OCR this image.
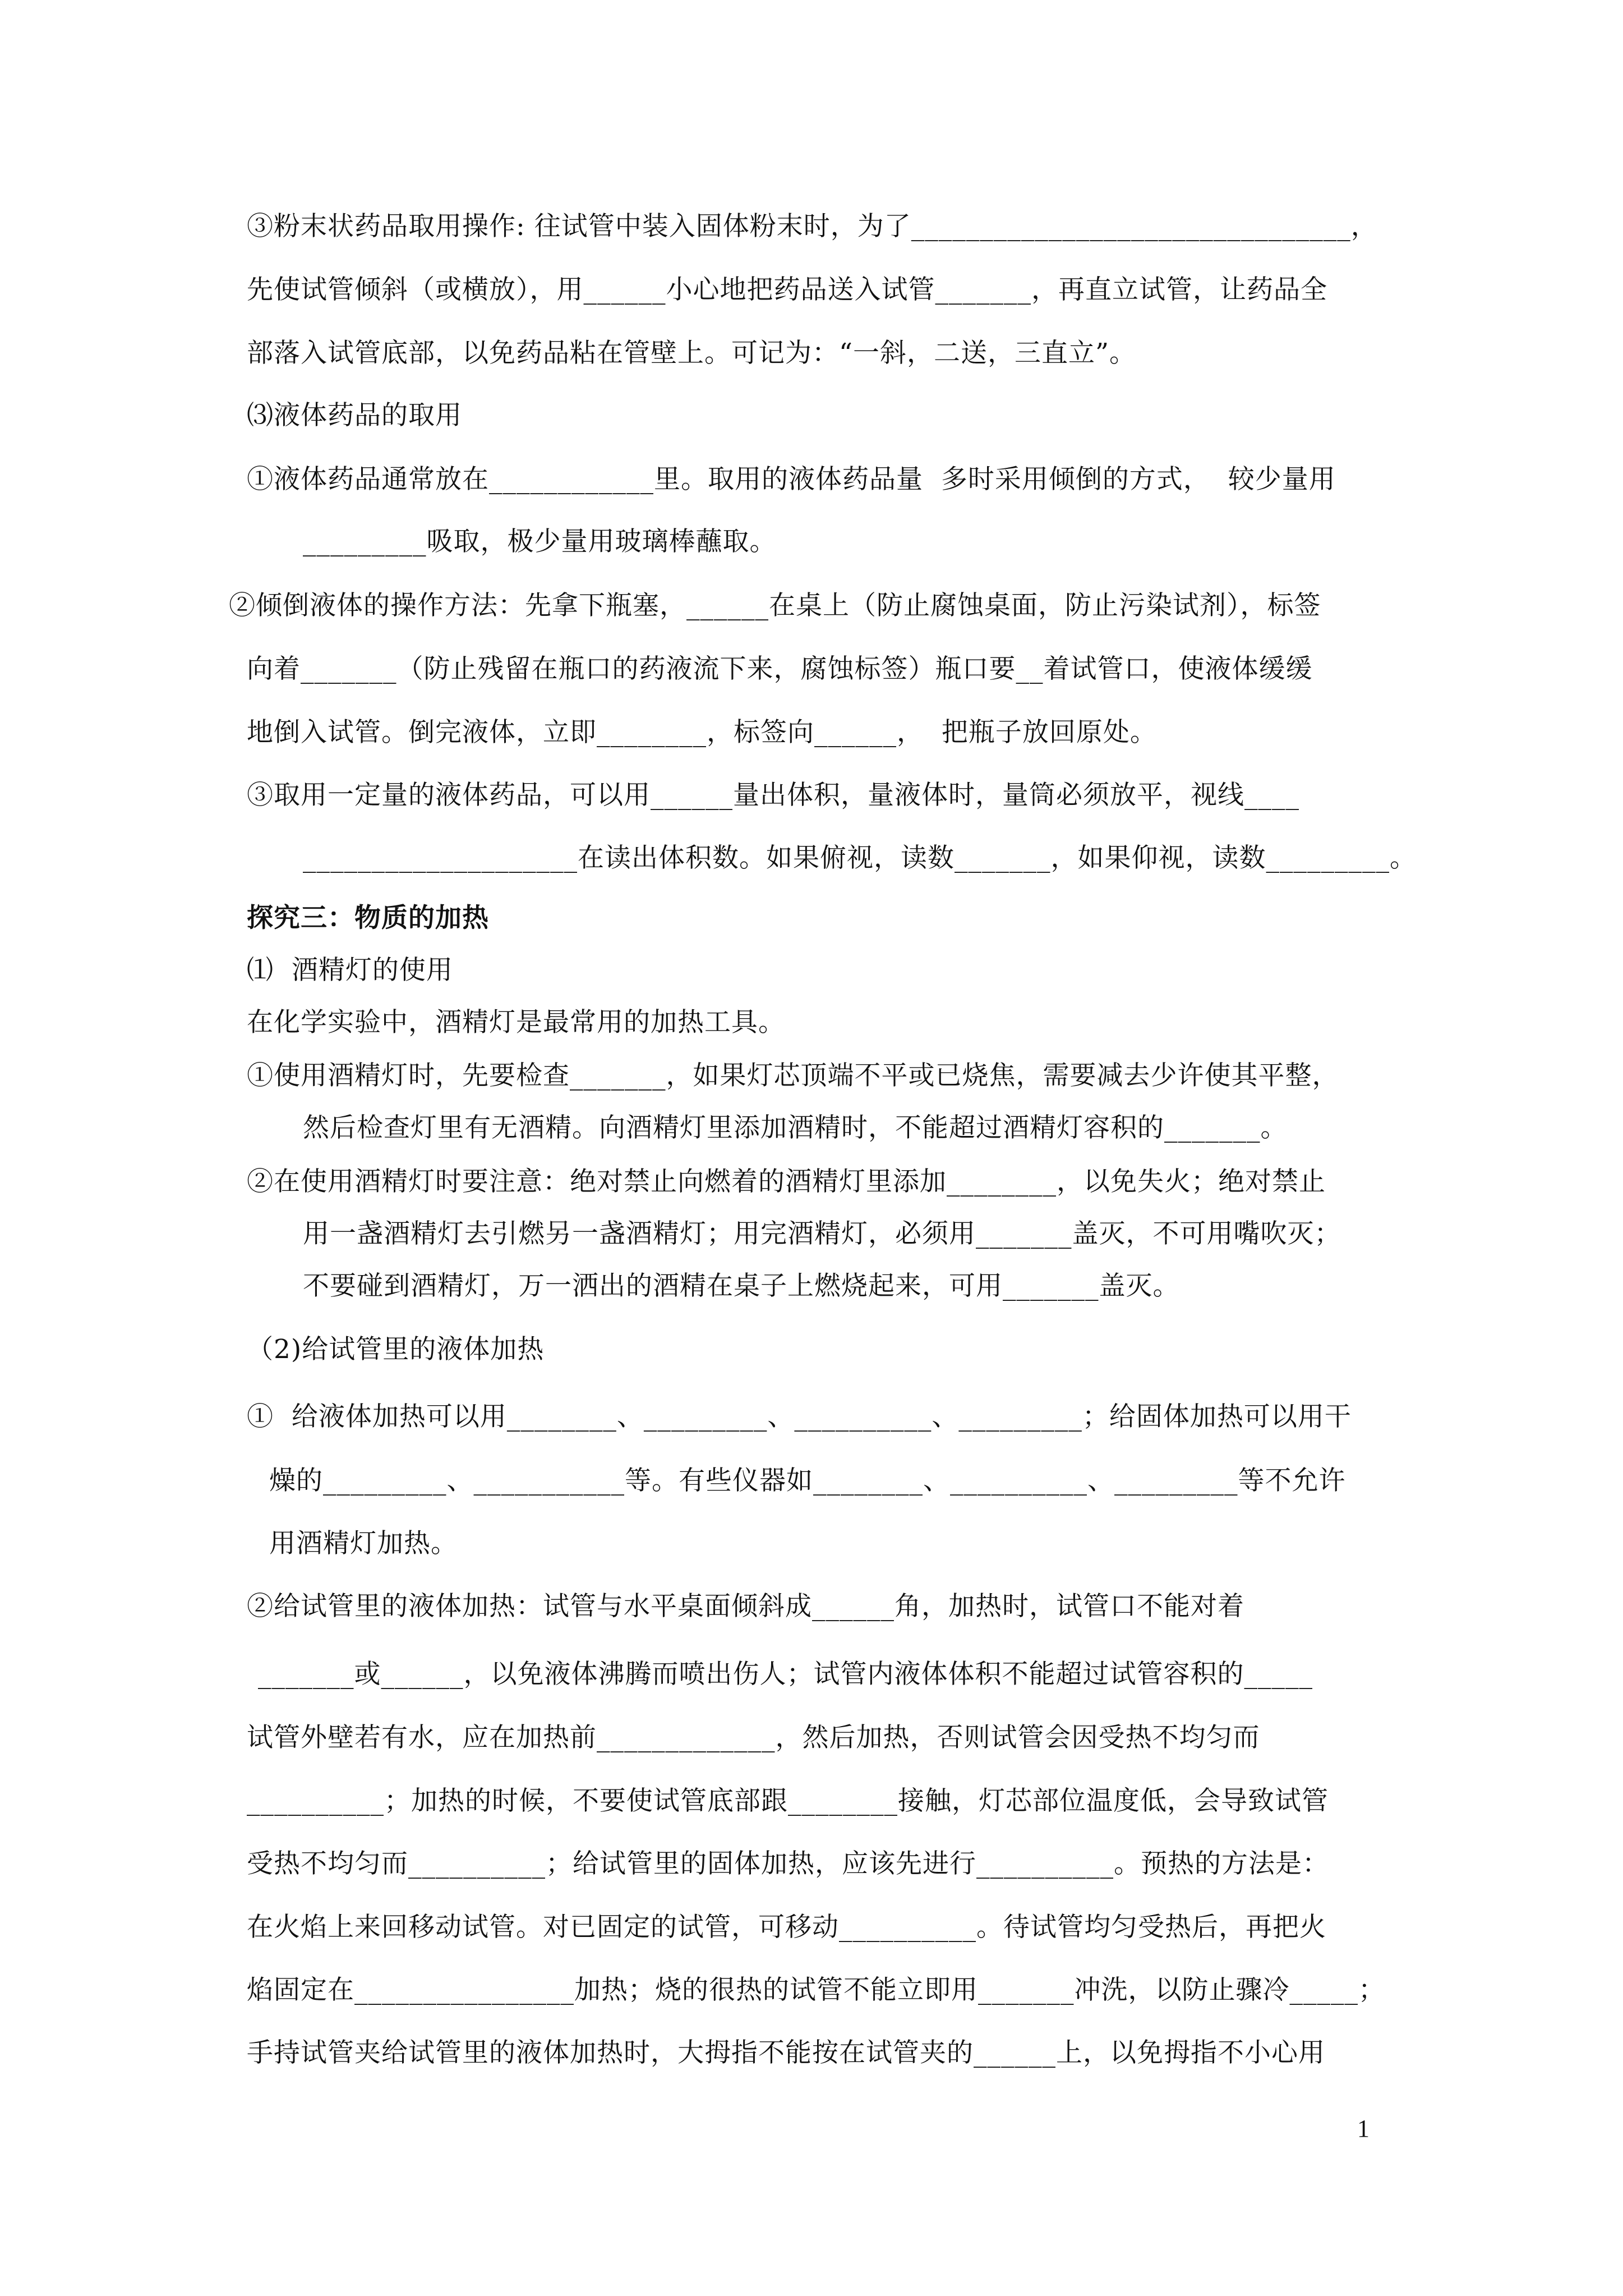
③粉末状药品取用操作: 往试管中装入固体粉末时，为了________________________________，
先使试管倾斜（或横放），用______小心地把药品送入试管_______，再直立试管，让药品全
部落入试管底部，以免药品粘在管壁上。可记为：“一斜，二送，三直立”。
⑶液体药品的取用
①液体药品通常放在____________里。取用的液体药品量  多时采用倾倒的方式，  较少量用
_________吸取，极少量用玻璃棒蘸取。
②倾倒液体的操作方法：先拿下瓶塞，______在桌上（防止腐蚀桌面，防止污染试剂），标签
向着_______（防止残留在瓶口的药液流下来，腐蚀标签）瓶口要__着试管口，使液体缓缓
地倒入试管。倒完液体，立即________，标签向______，  把瓶子放回原处。
③取用一定量的液体药品，可以用______量出体积，量液体时，量筒必须放平，视线____
____________________在读出体积数。如果俯视，读数_______，如果仰视，读数_________。
探究三：物质的加热
⑴  酒精灯的使用
在化学实验中，酒精灯是最常用的加热工具。
①使用酒精灯时，先要检查_______，如果灯芯顶端不平或已烧焦，需要减去少许使其平整，
然后检查灯里有无酒精。向酒精灯里添加酒精时，不能超过酒精灯容积的_______。
②在使用酒精灯时要注意：绝对禁止向燃着的酒精灯里添加________，以免失火；绝对禁止
用一盏酒精灯去引燃另一盏酒精灯；用完酒精灯，必须用_______盖灭，不可用嘴吹灭；
不要碰到酒精灯，万一洒出的酒精在桌子上燃烧起来，可用_______盖灭。
（2)给试管里的液体加热
①  给液体加热可以用________、_________、__________、_________；给固体加热可以用干
燥的_________、___________等。有些仪器如________、__________、_________等不允许
用酒精灯加热。
②给试管里的液体加热：试管与水平桌面倾斜成______角，加热时，试管口不能对着
_______或______，以免液体沸腾而喷出伤人；试管内液体体积不能超过试管容积的_____
试管外壁若有水，应在加热前_____________，然后加热，否则试管会因受热不均匀而
__________；加热的时候，不要使试管底部跟________接触，灯芯部位温度低，会导致试管
受热不均匀而__________；给试管里的固体加热，应该先进行__________。预热的方法是：
在火焰上来回移动试管。对已固定的试管，可移动__________。待试管均匀受热后，再把火
焰固定在________________加热；烧的很热的试管不能立即用_______冲洗，以防止骤冷_____；
手持试管夹给试管里的液体加热时，大拇指不能按在试管夹的______上，以免拇指不小心用
1
